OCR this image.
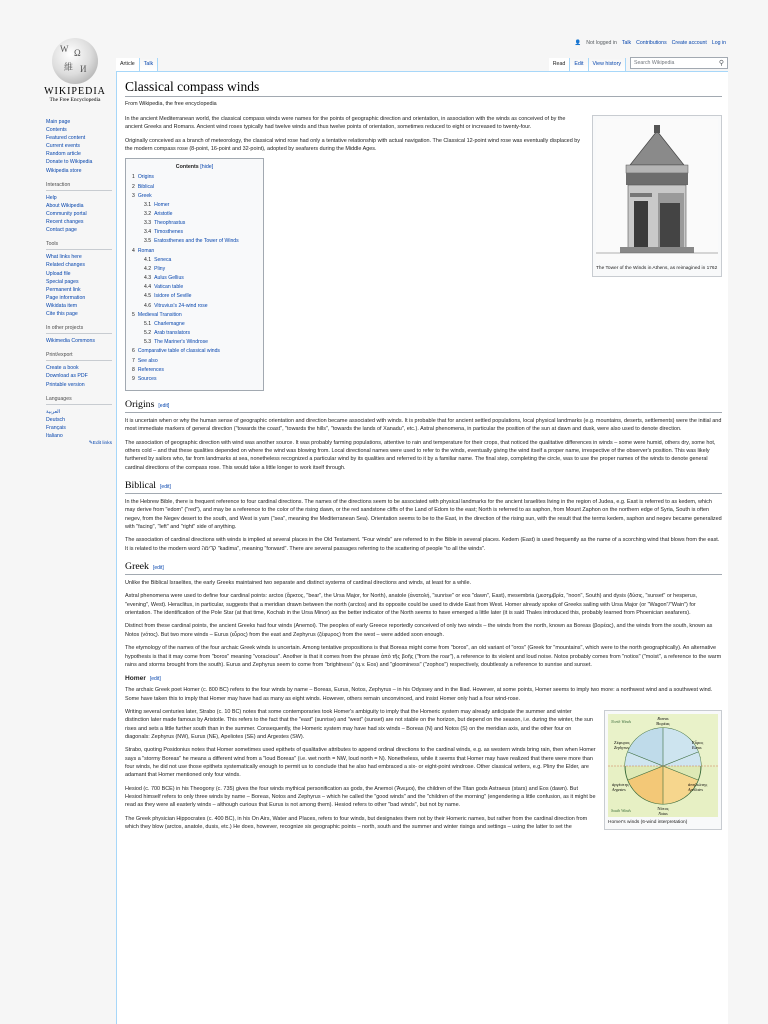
W Ω
維 И
WIKIPEDIA
The Free Encyclopedia
Main page
Contents
Featured content
Current events
Random article
Donate to Wikipedia
Wikipedia store
Interaction
Help
About Wikipedia
Community portal
Recent changes
Contact page
Tools
What links here
Related changes
Upload file
Special pages
Permanent link
Page information
Wikidata item
Cite this page
In other projects
Wikimedia Commons
Print/export
Create a book
Download as PDF
Printable version
Languages
العربية
Deutsch
Français
Italiano
✎Edit links
👤 Not logged in Talk Contributions Create account Log in
Article	Talk	Read	Edit	View history	Search Wikipedia	⚲
Classical compass winds
From Wikipedia, the free encyclopedia
The Tower of the Winds in Athens, as reimagined in 1762

In the ancient Mediterranean world, the classical compass winds were names for the points of geographic direction and orientation, in association with the winds as conceived of by the ancient Greeks and Romans. Ancient wind roses typically had twelve winds and thus twelve points of orientation, sometimes reduced to eight or increased to twenty-four.

Originally conceived as a branch of meteorology, the classical wind rose had only a tentative relationship with actual navigation. The Classical 12-point wind rose was eventually displaced by the modern compass rose (8-point, 16-point and 32-point), adopted by seafarers during the Middle Ages.

Contents [hide]
1 Origins
2 Biblical
3 Greek
3.1 Homer
3.2 Aristotle
3.3 Theophrastus
3.4 Timosthenes
3.5 Eratosthenes and the Tower of Winds
4 Roman
4.1 Seneca
4.2 Pliny
4.3 Aulus Gellius
4.4 Vatican table
4.5 Isidore of Seville
4.6 Vitruvius's 24-wind rose
5 Medieval Transition
5.1 Charlemagne
5.2 Arab translators
5.3 The Mariner's Windrose
6 Comparative table of classical winds
7 See also
8 References
9 Sources
Origins [edit]

It is uncertain when or why the human sense of geographic orientation and direction became associated with winds. It is probable that for ancient settled populations, local physical landmarks (e.g. mountains, deserts, settlements) were the initial and most immediate markers of general direction ("towards the coast", "towards the hills", "towards the lands of Xanadu", etc.). Astral phenomena, in particular the position of the sun at dawn and dusk, were also used to denote direction.

The association of geographic direction with wind was another source. It was probably farming populations, attentive to rain and temperature for their crops, that noticed the qualitative differences in winds – some were humid, others dry, some hot, others cold – and that these qualities depended on where the wind was blowing from. Local directional names were used to refer to the winds, eventually giving the wind itself a proper name, irrespective of the observer's position. This was likely furthered by sailors who, far from landmarks at sea, nonetheless recognized a particular wind by its qualities and referred to it by a familiar name. The final step, completing the circle, was to use the proper names of the winds to denote general cardinal directions of the compass rose. This would take a little longer to work itself through.

Biblical [edit]

In the Hebrew Bible, there is frequent reference to four cardinal directions. The names of the directions seem to be associated with physical landmarks for the ancient Israelites living in the region of Judea, e.g. East is referred to as kedem, which may derive from "edom" ("red"), and may be a reference to the color of the rising dawn, or the red sandstone cliffs of the Land of Edom to the east; North is referred to as saphon, from Mount Zaphon on the northern edge of Syria, South is often negev, from the Negev desert to the south, and West is yam ("sea", meaning the Mediterranean Sea). Orientation seems to be to the East, in the direction of the rising sun, with the result that the terms kedem, saphon and negev became generalized with "facing", "left" and "right" side of anything.

The association of cardinal directions with winds is implied at several places in the Old Testament. "Four winds" are referred to in the Bible in several places. Kedem (East) is used frequently as the name of a scorching wind that blows from the east. It is related to the modern word קדימה "kadima", meaning "forward". There are several passages referring to the scattering of people "to all the winds".

Greek [edit]

Unlike the Biblical Israelites, the early Greeks maintained two separate and distinct systems of cardinal directions and winds, at least for a while.

Astral phenomena were used to define four cardinal points: arctos (ἄρκτος, "bear", the Ursa Major, for North), anatole (ἀνατολή, "sunrise" or eos "dawn", East), mesembria (μεσημβρία, "noon", South) and dysis (δύσις, "sunset" or hesperus, "evening", West). Heraclitus, in particular, suggests that a meridian drawn between the north (arctos) and its opposite could be used to divide East from West. Homer already spoke of Greeks sailing with Ursa Major (or "Wagon"/"Wain") for orientation. The identification of the Pole Star (at that time, Kochab in the Ursa Minor) as the better indicator of the North seems to have emerged a little later (it is said Thales introduced this, probably learned from Phoenician seafarers).

Distinct from these cardinal points, the ancient Greeks had four winds (Anemoi). The peoples of early Greece reportedly conceived of only two winds – the winds from the north, known as Boreas (βορέας), and the winds from the south, known as Notos (νότος). But two more winds – Eurus (εὖρος) from the east and Zephyrus (ζέφυρος) from the west – were added soon enough.

The etymology of the names of the four archaic Greek winds is uncertain. Among tentative propositions is that Boreas might come from "boros", an old variant of "oros" (Greek for "mountains", which were to the north geographically). An alternative hypothesis is that it may come from "boros" meaning "voracious". Another is that it comes from the phrase ἀπὸ τῆς βοῆς ("from the roar"), a reference to its violent and loud noise. Notos probably comes from "notios" ("moist", a reference to the warm rains and storms brought from the south). Eurus and Zephyrus seem to come from "brightness" (q.v. Eos) and "gloominess" ("zophos") respectively, doubtlessly a reference to sunrise and sunset.

Homer [edit]

The archaic Greek poet Homer (c. 800 BC) refers to the four winds by name – Boreas, Eurus, Notos, Zephyrus – in his Odyssey and in the Iliad. However, at some points, Homer seems to imply two more: a northwest wind and a southwest wind. Some have taken this to imply that Homer may have had as many as eight winds. However, others remain unconvinced, and insist Homer only had a four wind-rose.

North Winds
South Winds
Boreas
Βορέας
Ζέφυρος
Zephyrus
Εὖρος
Eurus
ἀργέστης
Argestes
ἀπηλιώτης
Apeliotes
Νότος
Notus
Homer's winds (6-wind interpretation)

Writing several centuries later, Strabo (c. 10 BC) notes that some contemporaries took Homer's ambiguity to imply that the Homeric system may already anticipate the summer and winter distinction later made famous by Aristotle. This refers to the fact that the "east" (sunrise) and "west" (sunset) are not stable on the horizon, but depend on the season, i.e. during the winter, the sun rises and sets a little further south than in the summer. Consequently, the Homeric system may have had six winds – Boreas (N) and Notos (S) on the meridian axis, and the other four on diagonals: Zephyrus (NW), Eurus (NE), Apeliotes (SE) and Argestes (SW).

Strabo, quoting Posidonius notes that Homer sometimes used epithets of qualitative attributes to append ordinal directions to the cardinal winds, e.g. as western winds bring rain, then when Homer says a "stormy Boreas" he means a different wind from a "loud Boreas" (i.e. wet north = NW, loud north = N). Nonetheless, while it seems that Homer may have realized that there were more than four winds, he did not use those epithets systematically enough to permit us to conclude that he also had embraced a six- or eight-point windrose. Other classical writers, e.g. Pliny the Elder, are adamant that Homer mentioned only four winds.

Hesiod (c. 700 BCE) in his Theogony (c. 735) gives the four winds mythical personification as gods, the Anemoi (Ἄνεμοι), the children of the Titan gods Astraeus (stars) and Eos (dawn). But Hesiod himself refers to only three winds by name – Boreas, Notos and Zephyrus – which he called the "good winds" and the "children of the morning" (engendering a little confusion, as it might be read as they were all easterly winds – although curious that Eurus is not among them). Hesiod refers to other "bad winds", but not by name.

The Greek physician Hippocrates (c. 400 BC), in his On Airs, Water and Places, refers to four winds, but designates them not by their Homeric names, but rather from the cardinal direction from which they blow (arctos, anatole, dusis, etc.) He does, however, recognize six geographic points – north, south and the summer and winter risings and settings – using the latter to set the
